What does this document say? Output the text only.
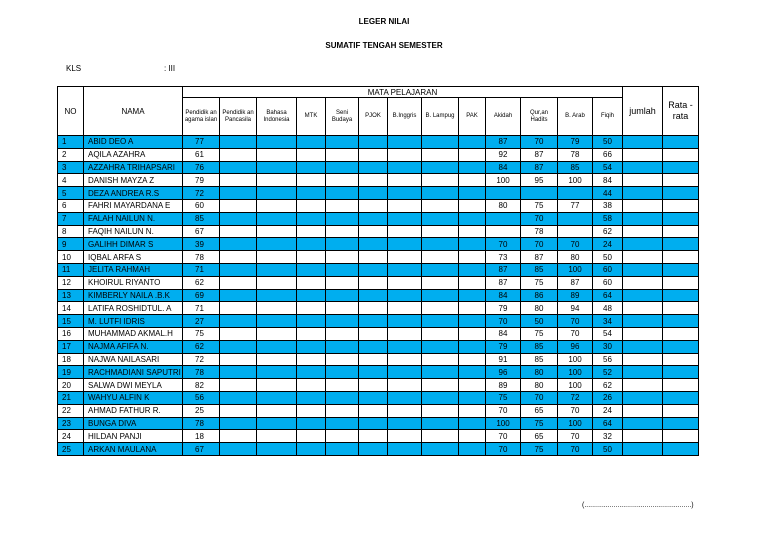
LEGER NILAI
SUMATIF TENGAH SEMESTER
KLS	: III
NO	NAMA	MATA PELAJARAN													jumlah	Rata - rata
		Pendidik an agama islan	Pendidik an Pancasila	Bahasa Indonesia	MTK	Seni Budaya	PJOK	B.Inggris	B. Lampug	PAK	Akidah	Qur,an Hadits	B. Arab	Fiqih		
1	ABID DEO A	77									87	70	79	50		
2	AQILA AZAHRA	61									92	87	78	66		
3	AZZAHRA TRIHAPSARI	76									84	87	85	54		
4	DANISH MAYZA Z	79									100	95	100	84		
5	DEZA ANDREA R.S	72												44		
6	FAHRI MAYARDANA E	60									80	75	77	38		
7	FALAH NAILUN N.	85										70		58		
8	FAQIH NAILUN N.	67										78		62		
9	GALIHH DIMAR S	39									70	70	70	24		
10	IQBAL ARFA S	78									73	87	80	50		
11	JELITA RAHMAH	71									87	85	100	60		
12	KHOIRUL RIYANTO	62									87	75	87	60		
13	KIMBERLY NAILA .B.K	69									84	86	89	64		
14	LATIFA ROSHIDTUL. A	71									79	80	94	48		
15	M. LUTFI IDRIS	27									70	50	70	34		
16	MUHAMMAD AKMAL.H	75									84	75	70	54		
17	NAJMA AFIFA N.	62									79	85	96	30		
18	NAJWA NAILASARI	72									91	85	100	56		
19	RACHMADIANI SAPUTRI	78									96	80	100	52		
20	SALWA DWI MEYLA	82									89	80	100	62		
21	WAHYU ALFIN K	56									75	70	72	26		
22	AHMAD FATHUR R.	25									70	65	70	24		
23	BUNGA DIVA	78									100	75	100	64		
24	HILDAN PANJI	18									70	65	70	32		
25	ARKAN MAULANA	67									70	75	70	50		
(.......................................................)
